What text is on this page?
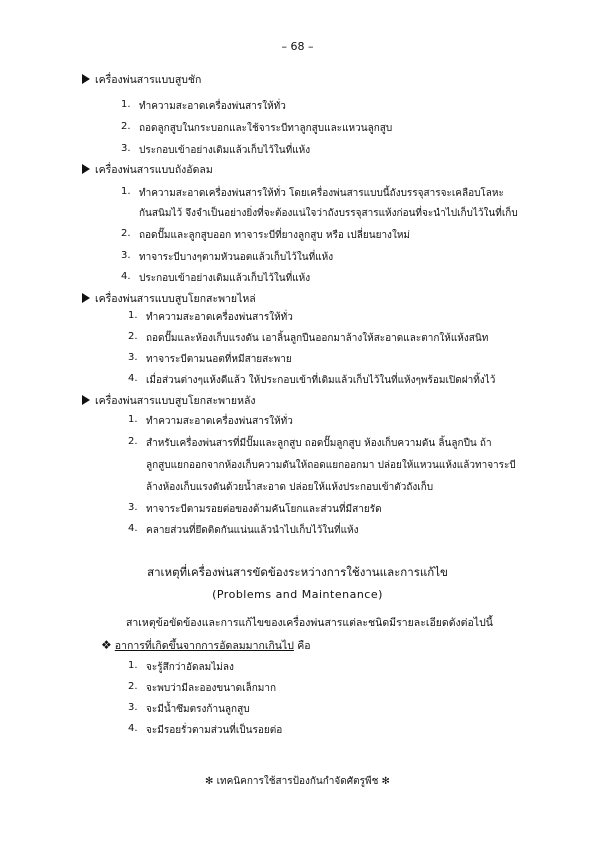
– 68 –
เครื่องพ่นสารแบบสูบชัก
1. ทำความสะอาดเครื่องพ่นสารให้ทั่ว
2. ถอดลูกสูบในกระบอกและใช้จาระบีทาลูกสูบและแหวนลูกสูบ
3. ประกอบเข้าอย่างเดิมแล้วเก็บไว้ในที่แห้ง
เครื่องพ่นสารแบบถังอัดลม
1. ทำความสะอาดเครื่องพ่นสารให้ทั่ว โดยเครื่องพ่นสารแบบนี้ถังบรรจุสารจะเคลือบโลหะ
กันสนิมไว้ จึงจำเป็นอย่างยิ่งที่จะต้องแน่ใจว่าถังบรรจุสารแห้งก่อนที่จะนำไปเก็บไว้ในที่เก็บ
2. ถอดปั๊มและลูกสูบออก ทาจาระบีที่ยางลูกสูบ หรือ เปลี่ยนยางใหม่
3. ทาจาระบีบางๆตามหัวนอตแล้วเก็บไว้ในที่แห้ง
4. ประกอบเข้าอย่างเดิมแล้วเก็บไว้ในที่แห้ง
เครื่องพ่นสารแบบสูบโยกสะพายไหล่
1. ทำความสะอาดเครื่องพ่นสารให้ทั่ว
2. ถอดปั๊มและห้องเก็บแรงดัน เอาลิ้นลูกปืนออกมาล้างให้สะอาดและตากให้แห้งสนิท
3. ทาจาระบีตามนอตที่หมีสายสะพาย
4. เมื่อส่วนต่างๆแห้งดีแล้ว ให้ประกอบเข้าที่เดิมแล้วเก็บไว้ในที่แห้งๆพร้อมเปิดฝาทิ้งไว้
เครื่องพ่นสารแบบสูบโยกสะพายหลัง
1. ทำความสะอาดเครื่องพ่นสารให้ทั่ว
2. สำหรับเครื่องพ่นสารที่มีปั๊มและลูกสูบ ถอดปั๊มลูกสูบ ห้องเก็บความดัน ลิ้นลูกปืน ถ้า
ลูกสูบแยกออกจากห้องเก็บความดันให้ถอดแยกออกมา ปล่อยให้แหวนแห้งแล้วทาจาระบี
ล้างห้องเก็บแรงดันด้วยน้ำสะอาด ปล่อยให้แห้งประกอบเข้าตัวถังเก็บ
3. ทาจาระบีตามรอยต่อของด้ามคันโยกและส่วนที่มีสายรัด
4. คลายส่วนที่ยึดติดกันแน่นแล้วนำไปเก็บไว้ในที่แห้ง
สาเหตุที่เครื่องพ่นสารขัดข้องระหว่างการใช้งานและการแก้ไข
(Problems and Maintenance)
สาเหตุข้อขัดข้องและการแก้ไขของเครื่องพ่นสารแต่ละชนิดมีรายละเอียดดังต่อไปนี้
❖ อาการที่เกิดขึ้นจากการอัดลมมากเกินไป คือ
1. จะรู้สึกว่าอัดลมไม่ลง
2. จะพบว่ามีละอองขนาดเล็กมาก
3. จะมีน้ำซึมตรงก้านลูกสูบ
4. จะมีรอยรั่วตามส่วนที่เป็นรอยต่อ
✻ เทคนิคการใช้สารป้องกันกำจัดศัตรูพืช ✻
